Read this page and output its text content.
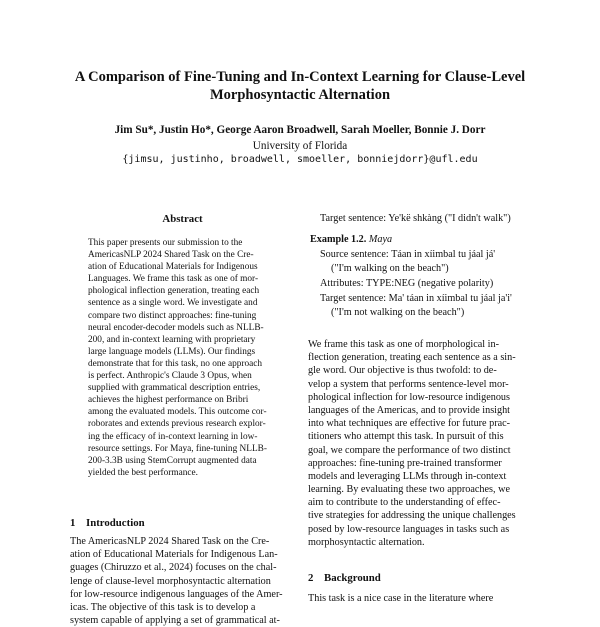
A Comparison of Fine-Tuning and In-Context Learning for Clause-Level
Morphosyntactic Alternation
Jim Su*, Justin Ho*, George Aaron Broadwell, Sarah Moeller, Bonnie J. Dorr
University of Florida
{jimsu, justinho, broadwell, smoeller, bonniejdorr}@ufl.edu
Abstract
This paper presents our submission to the
AmericasNLP 2024 Shared Task on the Cre-
ation of Educational Materials for Indigenous
Languages. We frame this task as one of mor-
phological inflection generation, treating each
sentence as a single word. We investigate and
compare two distinct approaches: fine-tuning
neural encoder-decoder models such as NLLB-
200, and in-context learning with proprietary
large language models (LLMs). Our findings
demonstrate that for this task, no one approach
is perfect. Anthropic's Claude 3 Opus, when
supplied with grammatical description entries,
achieves the highest performance on Bribri
among the evaluated models. This outcome cor-
roborates and extends previous research explor-
ing the efficacy of in-context learning in low-
resource settings. For Maya, fine-tuning NLLB-
200-3.3B using StemCorrupt augmented data
yielded the best performance.
1 Introduction
The AmericasNLP 2024 Shared Task on the Cre-
ation of Educational Materials for Indigenous Lan-
guages (Chiruzzo et al., 2024) focuses on the chal-
lenge of clause-level morphosyntactic alternation
for low-resource indigenous languages of the Amer-
icas. The objective of this task is to develop a
system capable of applying a set of grammatical at-
Target sentence: Ye'kë shkàng ("I didn't walk")
Example 1.2. Maya
Source sentence: Táan in xíimbal tu jáal já'
("I'm walking on the beach")
Attributes: TYPE:NEG (negative polarity)
Target sentence: Ma' táan in xíimbal tu jáal ja'i'
("I'm not walking on the beach")
We frame this task as one of morphological in-
flection generation, treating each sentence as a sin-
gle word. Our objective is thus twofold: to de-
velop a system that performs sentence-level mor-
phological inflection for low-resource indigenous
languages of the Americas, and to provide insight
into what techniques are effective for future prac-
titioners who attempt this task. In pursuit of this
goal, we compare the performance of two distinct
approaches: fine-tuning pre-trained transformer
models and leveraging LLMs through in-context
learning. By evaluating these two approaches, we
aim to contribute to the understanding of effec-
tive strategies for addressing the unique challenges
posed by low-resource languages in tasks such as
morphosyntactic alternation.
2 Background
This task is a nice case in the literature where
